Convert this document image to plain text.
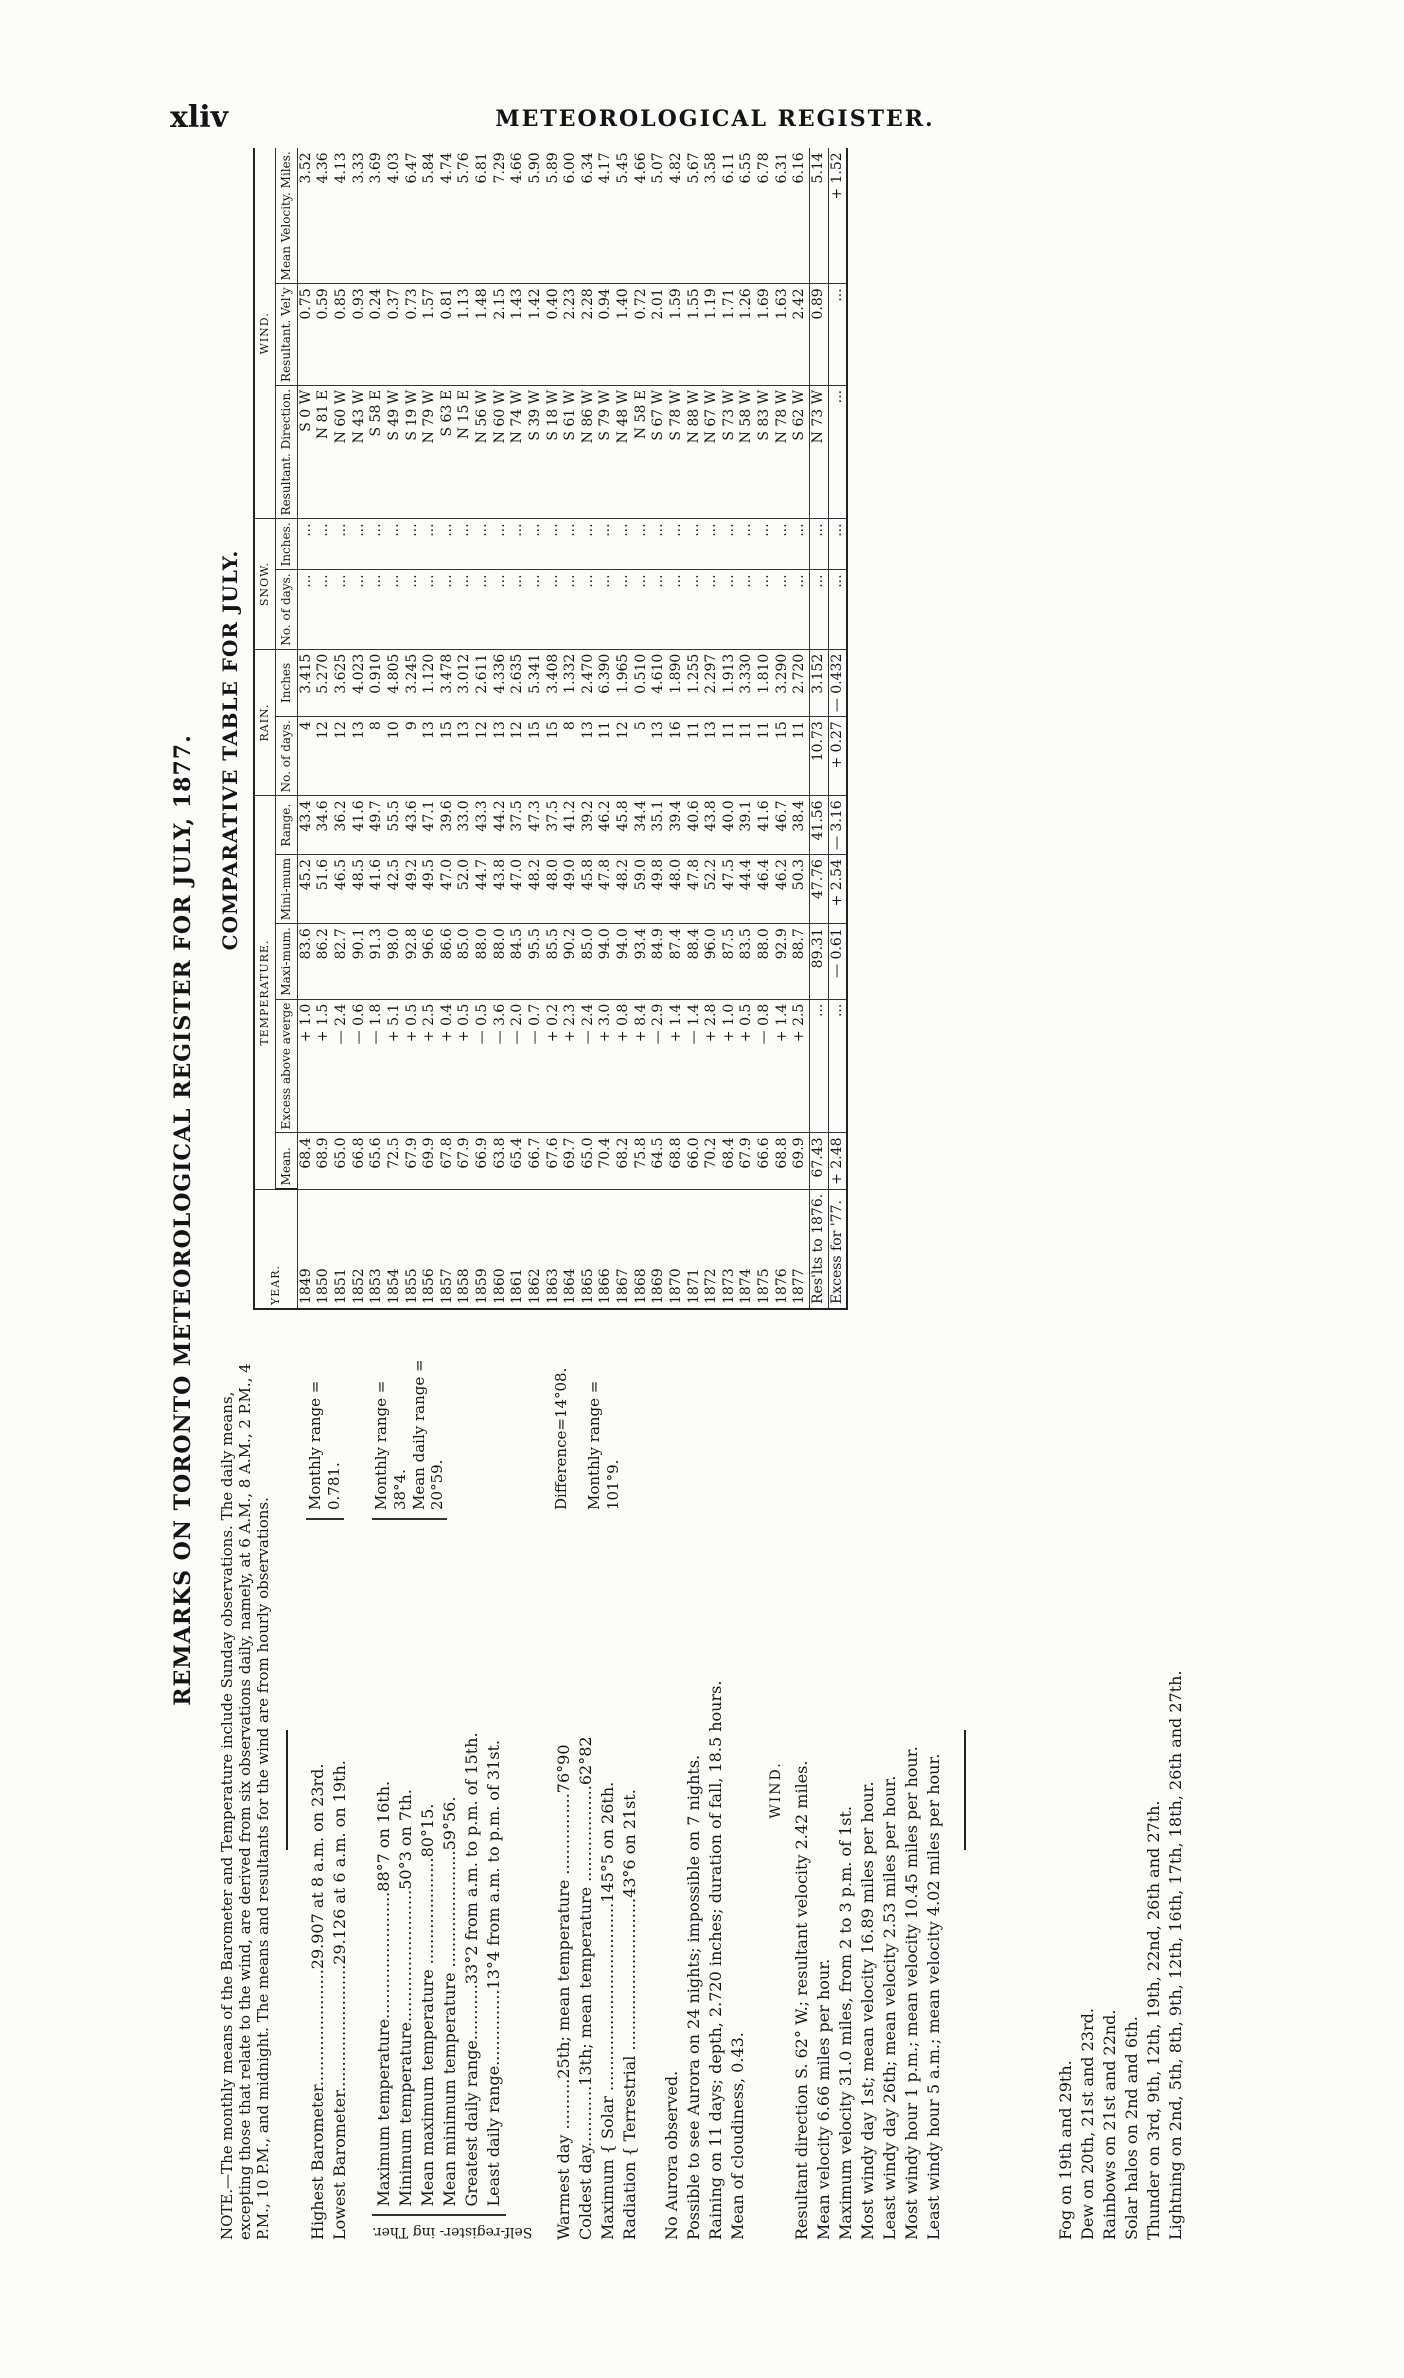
xliv	METEOROLOGICAL REGISTER.
REMARKS ON TORONTO METEOROLOGICAL REGISTER FOR JULY, 1877.
NOTE.—The monthly means of the Barometer and Temperature include Sunday observations. The daily means, excepting those that relate to the wind, are derived from six observations daily, namely, at 6 A.M., 8 A.M., 2 P.M., 4 P.M., 10 P.M., and midnight. The means and resultants for the wind are from hourly observations. Highest Barometer.......................29.907 at 8 a.m. on 23rd. Lowest Barometer.........................29.126 at 6 a.m. on 19th.
Monthly range = 0.781.
Self-register- ing Ther.
Maximum temperature.........................88°7 on 16th. Minimum temperature..........................50°3 on 7th. Mean maximum temperature .....................80°15. Mean minimum temperature .......................59°56. Greatest daily range...........33°2 from a.m. to p.m. of 15th. Least daily range...............13°4 from a.m. to p.m. of 31st.
Monthly range = 38°4. Mean daily range = 20°59.
Warmest day ..........25th; mean temperature ................76°90 Coldest day............13th; mean temperature ...................62°82 Maximum { Solar .....................................145°5 on 26th. Radiation { Terrestrial ..............................43°6 on 21st.
Difference=14°08. Monthly range = 101°9.
No Aurora observed. Possible to see Aurora on 24 nights; impossible on 7 nights. Raining on 11 days; depth, 2.720 inches; duration of fall, 18.5 hours. Mean of cloudiness, 0.43.
WIND. Resultant direction S. 62° W.; resultant velocity 2.42 miles. Mean velocity 6.66 miles per hour. Maximum velocity 31.0 miles, from 2 to 3 p.m. of 1st. Most windy day 1st; mean velocity 16.89 miles per hour. Least windy day 26th; mean velocity 2.53 miles per hour. Most windy hour 1 p.m.; mean velocity 10.45 miles per hour. Least windy hour 5 a.m.; mean velocity 4.02 miles per hour.	Fog on 19th and 29th. Dew on 20th, 21st and 23rd. Rainbows on 21st and 22nd. Solar halos on 2nd and 6th. Thunder on 3rd, 9th, 12th, 19th, 22nd, 26th and 27th. Lightning on 2nd, 5th, 8th, 9th, 12th, 16th, 17th, 18th, 26th and 27th.
COMPARATIVE TABLE FOR JULY.
YEAR.	TEMPERATURE.					RAIN.		SNOW.		WIND.		
	Mean.	Excess above averge	Maxi-mum.	Mini-mum	Range.	No. of days.	Inches	No. of days.	Inches.	Resultant. Direction.	Resultant. Vel'y	Mean Velocity. Miles.
1849	68.4	+ 1.0	83.6	45.2	43.4	4	3.415	...	...	S 0 W	0.75	3.52
1850	68.9	+ 1.5	86.2	51.6	34.6	12	5.270	...	...	N 81 E	0.59	4.36
1851	65.0	— 2.4	82.7	46.5	36.2	12	3.625	...	...	N 60 W	0.85	4.13
1852	66.8	— 0.6	90.1	48.5	41.6	13	4.023	...	...	N 43 W	0.93	3.33
1853	65.6	— 1.8	91.3	41.6	49.7	8	0.910	...	...	S 58 E	0.24	3.69
1854	72.5	+ 5.1	98.0	42.5	55.5	10	4.805	...	...	S 49 W	0.37	4.03
1855	67.9	+ 0.5	92.8	49.2	43.6	9	3.245	...	...	S 19 W	0.73	6.47
1856	69.9	+ 2.5	96.6	49.5	47.1	13	1.120	...	...	N 79 W	1.57	5.84
1857	67.8	+ 0.4	86.6	47.0	39.6	15	3.478	...	...	S 63 E	0.81	4.74
1858	67.9	+ 0.5	85.0	52.0	33.0	13	3.012	...	...	N 15 E	1.13	5.76
1859	66.9	— 0.5	88.0	44.7	43.3	12	2.611	...	...	N 56 W	1.48	6.81
1860	63.8	— 3.6	88.0	43.8	44.2	13	4.336	...	...	N 60 W	2.15	7.29
1861	65.4	— 2.0	84.5	47.0	37.5	12	2.635	...	...	N 74 W	1.43	4.66
1862	66.7	— 0.7	95.5	48.2	47.3	15	5.341	...	...	S 39 W	1.42	5.90
1863	67.6	+ 0.2	85.5	48.0	37.5	15	3.408	...	...	S 18 W	0.40	5.89
1864	69.7	+ 2.3	90.2	49.0	41.2	8	1.332	...	...	S 61 W	2.23	6.00
1865	65.0	— 2.4	85.0	45.8	39.2	13	2.470	...	...	N 86 W	2.28	6.34
1866	70.4	+ 3.0	94.0	47.8	46.2	11	6.390	...	...	S 79 W	0.94	4.17
1867	68.2	+ 0.8	94.0	48.2	45.8	12	1.965	...	...	N 48 W	1.40	5.45
1868	75.8	+ 8.4	93.4	59.0	34.4	5	0.510	...	...	N 58 E	0.72	4.66
1869	64.5	— 2.9	84.9	49.8	35.1	13	4.610	...	...	S 67 W	2.01	5.07
1870	68.8	+ 1.4	87.4	48.0	39.4	16	1.890	...	...	S 78 W	1.59	4.82
1871	66.0	— 1.4	88.4	47.8	40.6	11	1.255	...	...	N 88 W	1.55	5.67
1872	70.2	+ 2.8	96.0	52.2	43.8	13	2.297	...	...	N 67 W	1.19	3.58
1873	68.4	+ 1.0	87.5	47.5	40.0	11	1.913	...	...	S 73 W	1.71	6.11
1874	67.9	+ 0.5	83.5	44.4	39.1	11	3.330	...	...	N 58 W	1.26	6.55
1875	66.6	— 0.8	88.0	46.4	41.6	11	1.810	...	...	S 83 W	1.69	6.78
1876	68.8	+ 1.4	92.9	46.2	46.7	15	3.290	...	...	N 78 W	1.63	6.31
1877	69.9	+ 2.5	88.7	50.3	38.4	11	2.720	...	...	S 62 W	2.42	6.16
Res'lts to 1876.	67.43	...	89.31	47.76	41.56	10.73	3.152	...	...	N 73 W	0.89	5.14
Excess for '77.	+ 2.48	...	— 0.61	+ 2.54	— 3.16	+ 0.27	— 0.432	...	...	...	...	+ 1.52
